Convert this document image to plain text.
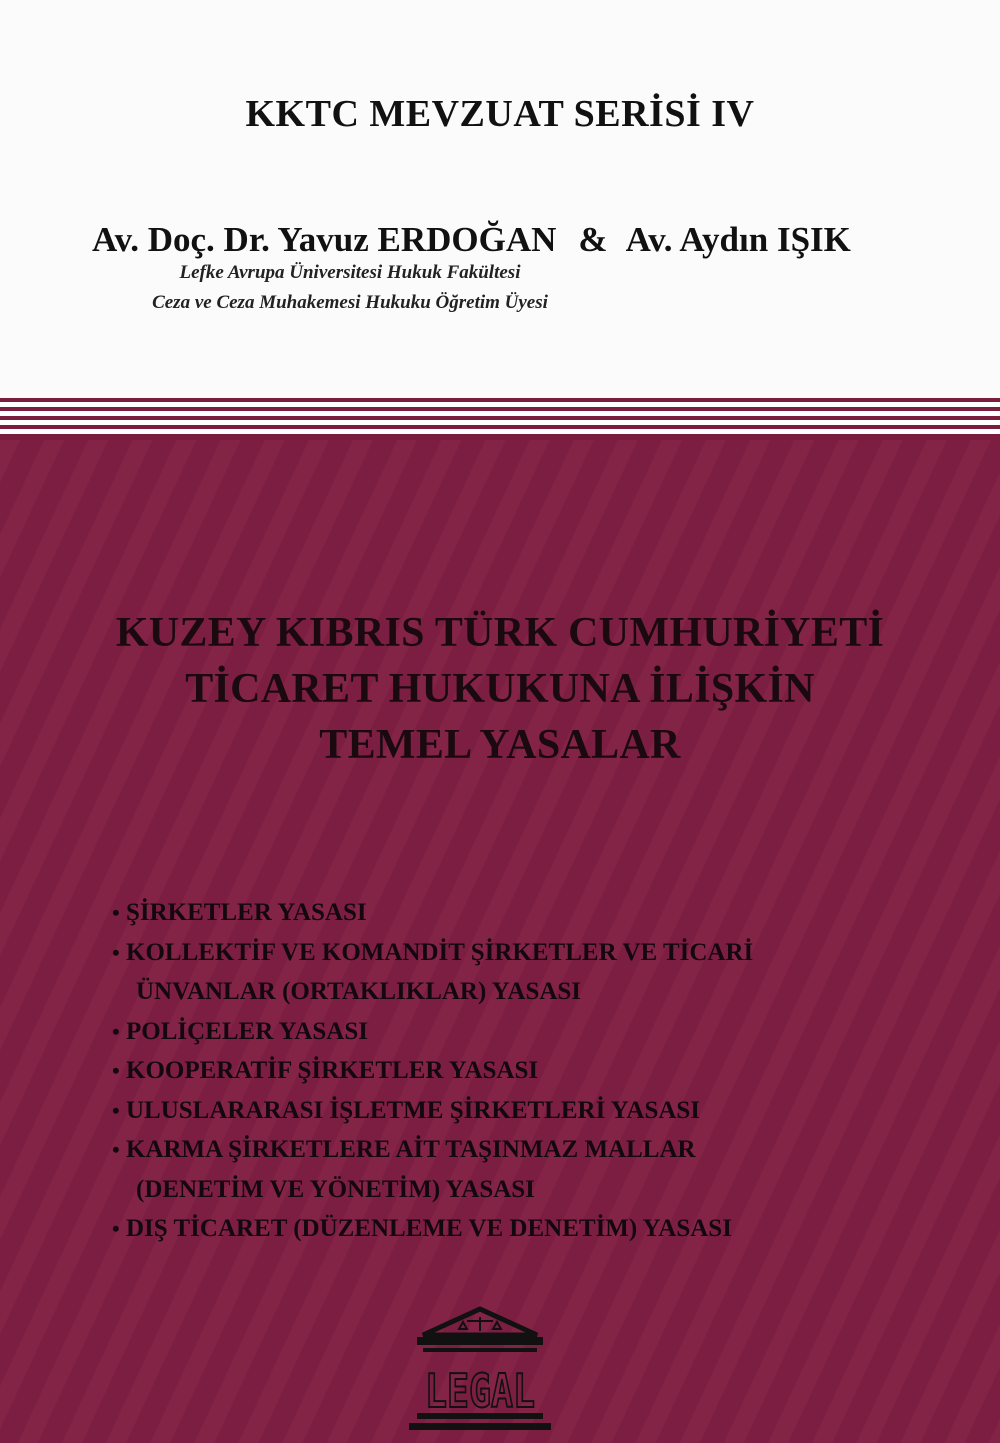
KKTC MEVZUAT SERİSİ IV
Av. Doç. Dr. Yavuz ERDOĞAN & Av. Aydın IŞIK
Lefke Avrupa Üniversitesi Hukuk Fakültesi
Ceza ve Ceza Muhakemesi Hukuku Öğretim Üyesi
KUZEY KIBRIS TÜRK CUMHURİYETİ
TİCARET HUKUKUNA İLİŞKİN
TEMEL YASALAR
• ŞİRKETLER YASASI
• KOLLEKTİF VE KOMANDİT ŞİRKETLER VE TİCARİ
ÜNVANLAR (ORTAKLIKLAR) YASASI
• POLİÇELER YASASI
• KOOPERATİF ŞİRKETLER YASASI
• ULUSLARARASI İŞLETME ŞİRKETLERİ YASASI
• KARMA ŞİRKETLERE AİT TAŞINMAZ MALLAR
(DENETİM VE YÖNETİM) YASASI
• DIŞ TİCARET (DÜZENLEME VE DENETİM) YASASI
LEGAL
